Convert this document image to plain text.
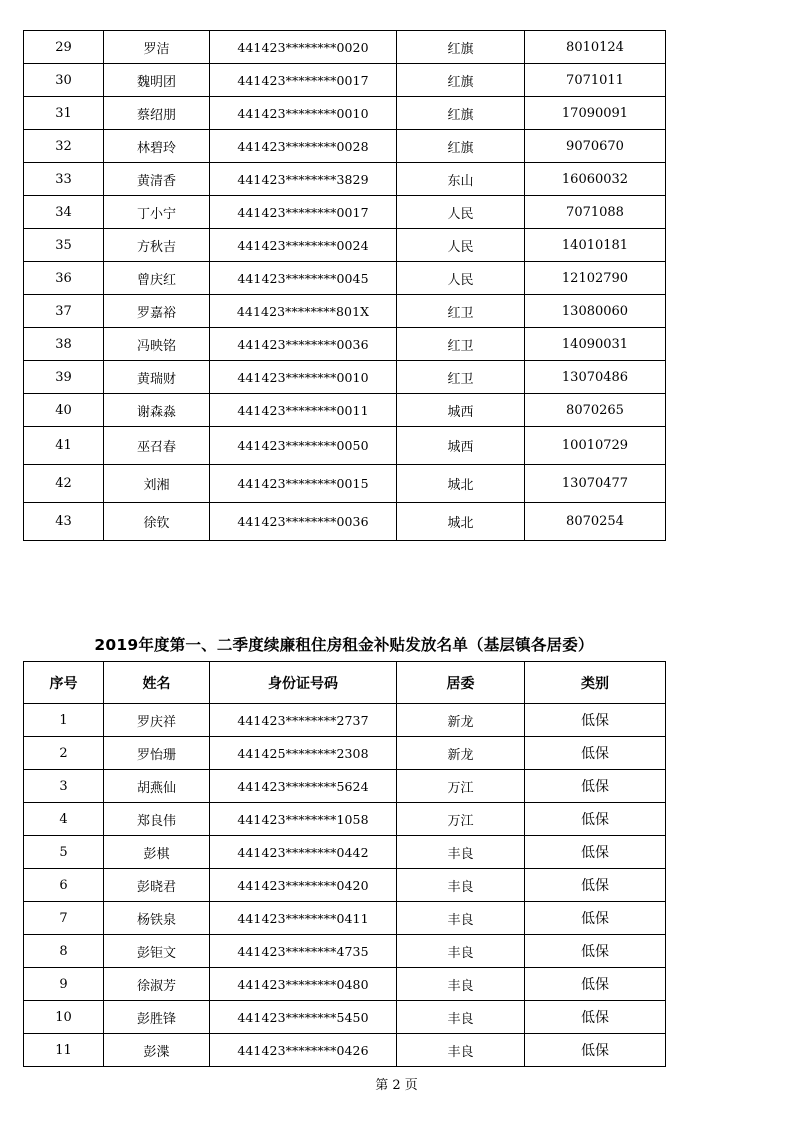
29	罗洁	441423********0020	红旗	8010124
30	魏明团	441423********0017	红旗	7071011
31	蔡绍朋	441423********0010	红旗	17090091
32	林碧玲	441423********0028	红旗	9070670
33	黄清香	441423********3829	东山	16060032
34	丁小宁	441423********0017	人民	7071088
35	方秋吉	441423********0024	人民	14010181
36	曾庆红	441423********0045	人民	12102790
37	罗嘉裕	441423********801X	红卫	13080060
38	冯映铭	441423********0036	红卫	14090031
39	黄瑞财	441423********0010	红卫	13070486
40	谢森淼	441423********0011	城西	8070265
41	巫召春	441423********0050	城西	10010729
42	刘湘	441423********0015	城北	13070477
43	徐钦	441423********0036	城北	8070254
2019年度第一、二季度续廉租住房租金补贴发放名单（基层镇各居委）
序号	姓名	身份证号码	居委	类别
1	罗庆祥	441423********2737	新龙	低保
2	罗怡珊	441425********2308	新龙	低保
3	胡燕仙	441423********5624	万江	低保
4	郑良伟	441423********1058	万江	低保
5	彭棋	441423********0442	丰良	低保
6	彭晓君	441423********0420	丰良	低保
7	杨铁泉	441423********0411	丰良	低保
8	彭钜文	441423********4735	丰良	低保
9	徐淑芳	441423********0480	丰良	低保
10	彭胜锋	441423********5450	丰良	低保
11	彭渫	441423********0426	丰良	低保
第 2 页
